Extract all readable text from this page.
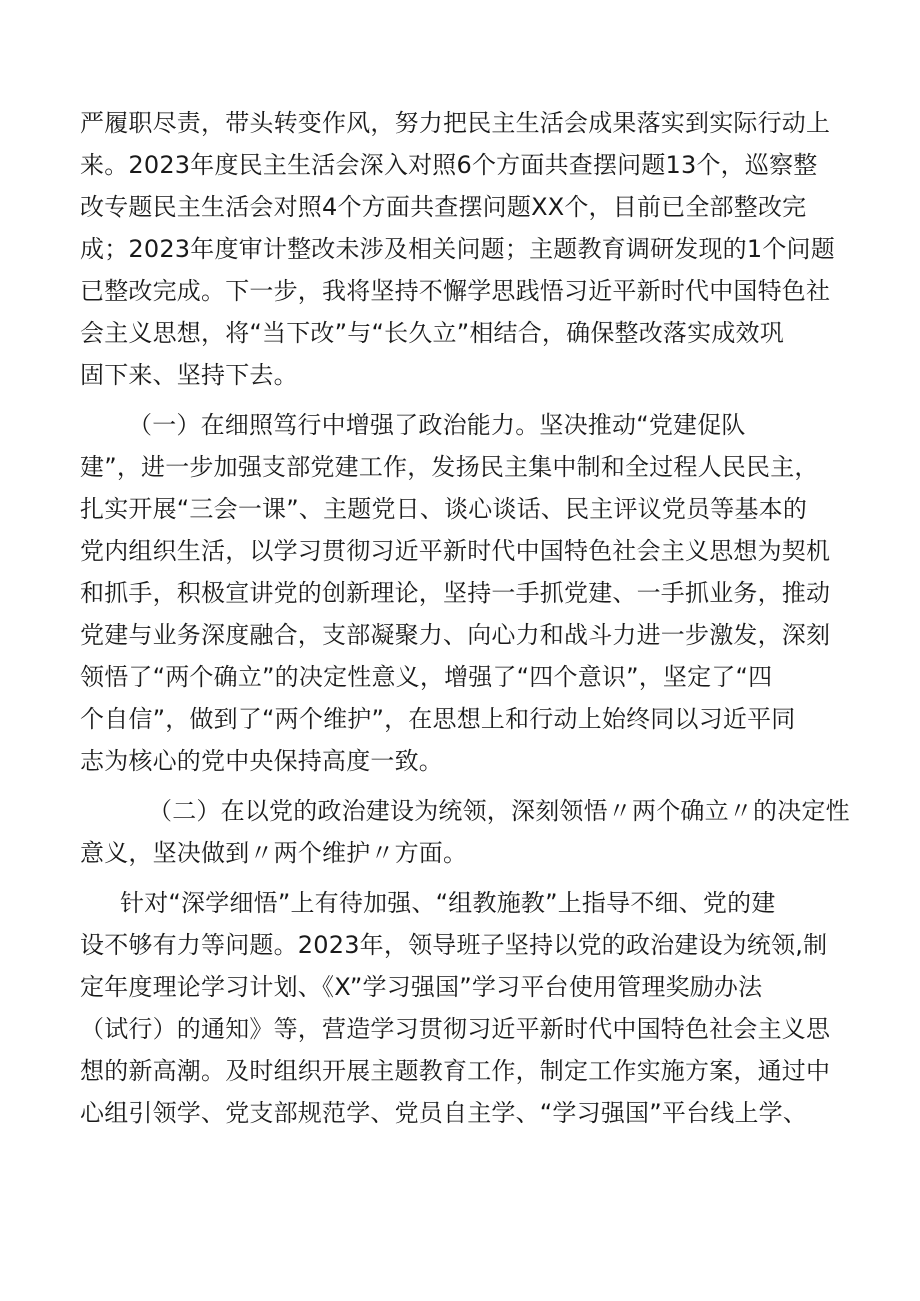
严履职尽责，带头转变作风，努力把民主生活会成果落实到实际行动上
来。2023年度民主生活会深入对照6个方面共查摆问题13个，巡察整
改专题民主生活会对照4个方面共查摆问题XX个，目前已全部整改完
成；2023年度审计整改未涉及相关问题；主题教育调研发现的1个问题
已整改完成。下一步，我将坚持不懈学思践悟习近平新时代中国特色社
会主义思想，将“当下改”与“长久立”相结合，确保整改落实成效巩
固下来、坚持下去。
（一）在细照笃行中增强了政治能力。坚决推动“党建促队
建”，进一步加强支部党建工作，发扬民主集中制和全过程人民民主，
扎实开展“三会一课”、主题党日、谈心谈话、民主评议党员等基本的
党内组织生活，以学习贯彻习近平新时代中国特色社会主义思想为契机
和抓手，积极宣讲党的创新理论，坚持一手抓党建、一手抓业务，推动
党建与业务深度融合，支部凝聚力、向心力和战斗力进一步激发，深刻
领悟了“两个确立”的决定性意义，增强了“四个意识”，坚定了“四
个自信”，做到了“两个维护”，在思想上和行动上始终同以习近平同
志为核心的党中央保持高度一致。
（二）在以党的政治建设为统领，深刻领悟〃两个确立〃的决定性
意义，坚决做到〃两个维护〃方面。
针对“深学细悟”上有待加强、“组教施教”上指导不细、党的建
设不够有力等问题。2023年，领导班子坚持以党的政治建设为统领,制
定年度理论学习计划、《X”学习强国”学习平台使用管理奖励办法
（试行）的通知》等，营造学习贯彻习近平新时代中国特色社会主义思
想的新高潮。及时组织开展主题教育工作，制定工作实施方案，通过中
心组引领学、党支部规范学、党员自主学、“学习强国”平台线上学、
